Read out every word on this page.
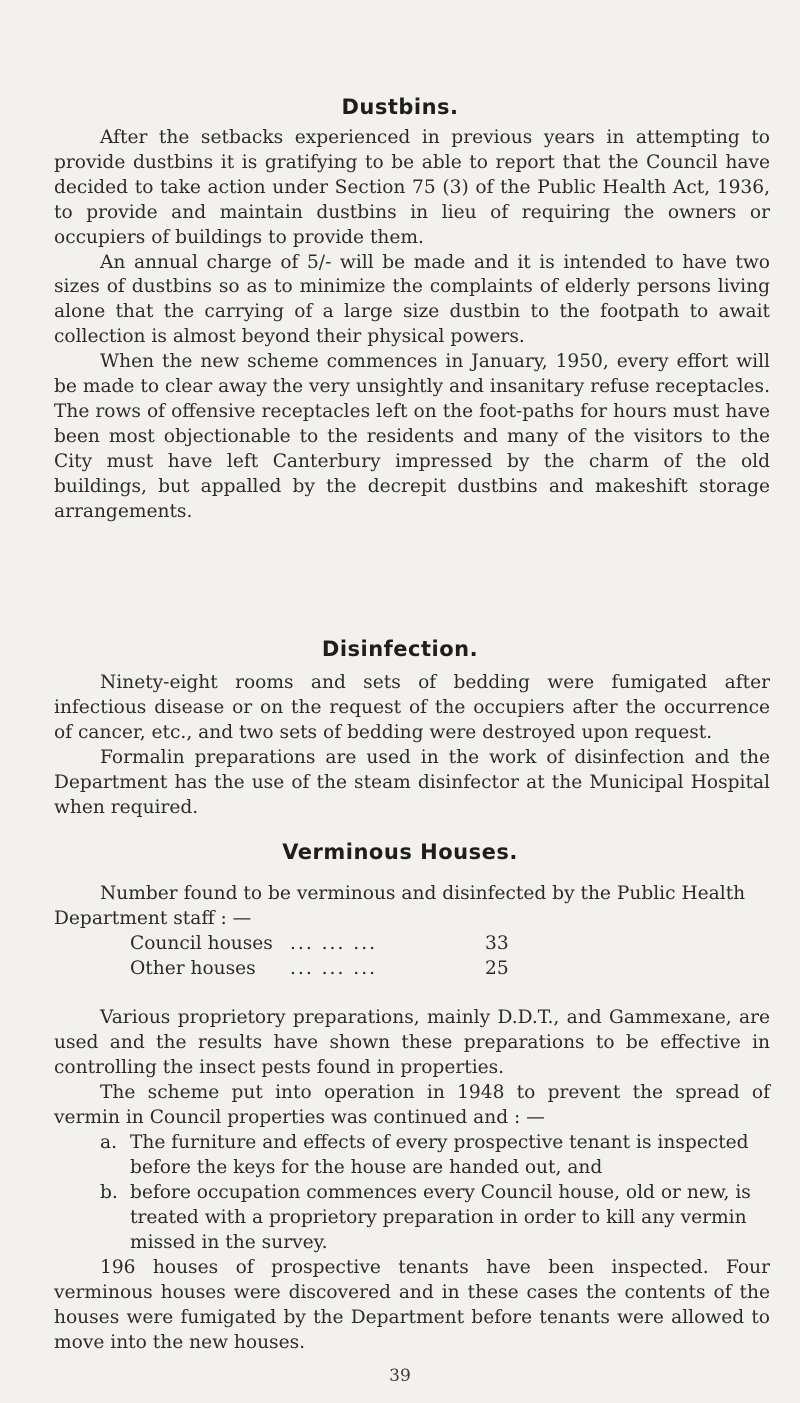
Dustbins.

After the setbacks experienced in previous years in attempting to provide dustbins it is gratifying to be able to report that the Council have decided to take action under Section 75 (3) of the Public Health Act, 1936, to provide and maintain dustbins in lieu of requiring the owners or occupiers of buildings to provide them.

An annual charge of 5/- will be made and it is intended to have two sizes of dustbins so as to minimize the complaints of elderly persons living alone that the carrying of a large size dustbin to the footpath to await collection is almost beyond their physical powers.

When the new scheme commences in January, 1950, every effort will be made to clear away the very unsightly and insanitary refuse receptacles. The rows of offensive receptacles left on the foot-paths for hours must have been most objectionable to the residents and many of the visitors to the City must have left Canterbury impressed by the charm of the old buildings, but appalled by the decrepit dustbins and makeshift storage arrangements.

Disinfection.

Ninety-eight rooms and sets of bedding were fumigated after infectious disease or on the request of the occupiers after the occurrence of cancer, etc., and two sets of bedding were destroyed upon request.

Formalin preparations are used in the work of disinfection and the Department has the use of the steam disinfector at the Municipal Hospital when required.

Verminous Houses.
Number found to be verminous and disinfected by the Public Health Department staff : —
Council houses ... ... ...	33
Other houses	... ... ...	25

Various proprietory preparations, mainly D.D.T., and Gammexane, are used and the results have shown these preparations to be effective in controlling the insect pests found in properties.

The scheme put into operation in 1948 to prevent the spread of vermin in Council properties was continued and : —

a. The furniture and effects of every prospective tenant is inspected before the keys for the house are handed out, and
b. before occupation commences every Council house, old or new, is treated with a proprietory preparation in order to kill any vermin missed in the survey.

196 houses of prospective tenants have been inspected. Four verminous houses were discovered and in these cases the contents of the houses were fumigated by the Department before tenants were allowed to move into the new houses.

39
